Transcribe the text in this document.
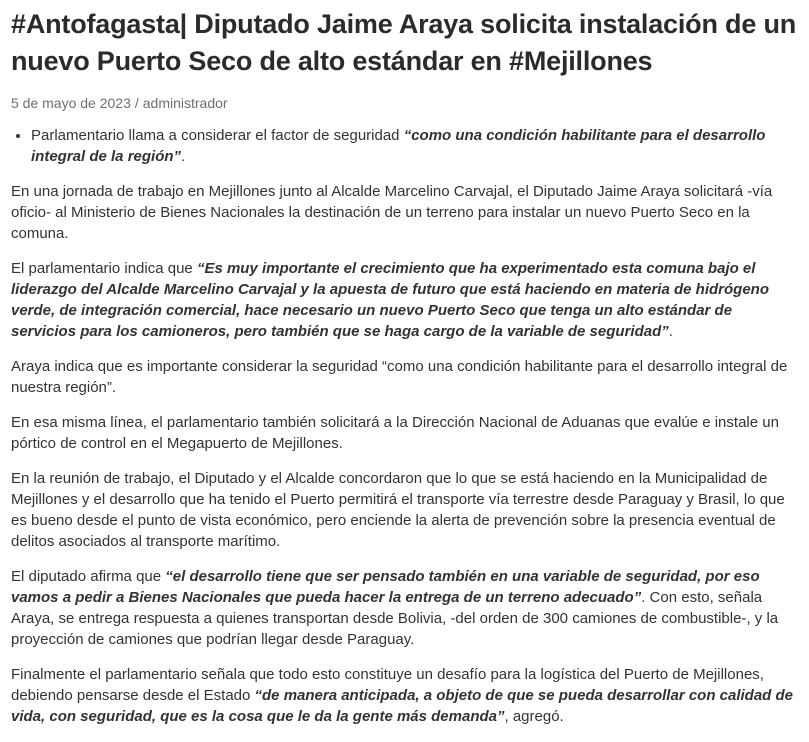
#Antofagasta| Diputado Jaime Araya solicita instalación de un nuevo Puerto Seco de alto estándar en #Mejillones
5 de mayo de 2023 / administrador
• Parlamentario llama a considerar el factor de seguridad “como una condición habilitante para el desarrollo integral de la región”.

En una jornada de trabajo en Mejillones junto al Alcalde Marcelino Carvajal, el Diputado Jaime Araya solicitará -vía oficio- al Ministerio de Bienes Nacionales la destinación de un terreno para instalar un nuevo Puerto Seco en la comuna.

El parlamentario indica que “Es muy importante el crecimiento que ha experimentado esta comuna bajo el liderazgo del Alcalde Marcelino Carvajal y la apuesta de futuro que está haciendo en materia de hidrógeno verde, de integración comercial, hace necesario un nuevo Puerto Seco que tenga un alto estándar de servicios para los camioneros, pero también que se haga cargo de la variable de seguridad”.

Araya indica que es importante considerar la seguridad “como una condición habilitante para el desarrollo integral de nuestra región”.

En esa misma línea, el parlamentario también solicitará a la Dirección Nacional de Aduanas que evalúe e instale un pórtico de control en el Megapuerto de Mejillones.

En la reunión de trabajo, el Diputado y el Alcalde concordaron que lo que se está haciendo en la Municipalidad de Mejillones y el desarrollo que ha tenido el Puerto permitirá el transporte vía terrestre desde Paraguay y Brasil, lo que es bueno desde el punto de vista económico, pero enciende la alerta de prevención sobre la presencia eventual de delitos asociados al transporte marítimo.

El diputado afirma que “el desarrollo tiene que ser pensado también en una variable de seguridad, por eso vamos a pedir a Bienes Nacionales que pueda hacer la entrega de un terreno adecuado”. Con esto, señala Araya, se entrega respuesta a quienes transportan desde Bolivia, -del orden de 300 camiones de combustible-, y la proyección de camiones que podrían llegar desde Paraguay.

Finalmente el parlamentario señala que todo esto constituye un desafío para la logística del Puerto de Mejillones, debiendo pensarse desde el Estado “de manera anticipada, a objeto de que se pueda desarrollar con calidad de vida, con seguridad, que es la cosa que le da la gente más demanda”, agregó.
